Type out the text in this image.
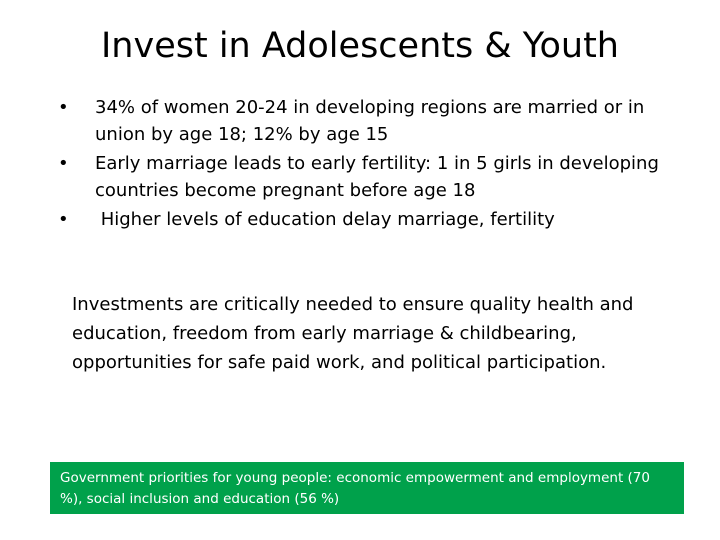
Invest in Adolescents & Youth
•	34% of women 20-24 in developing regions are married or in union by age 18; 12% by age 15
•	Early marriage leads to early fertility: 1 in 5 girls in developing countries become pregnant before age 18
•	Higher levels of education delay marriage, fertility

Investments are critically needed to ensure quality health and education, freedom from early marriage & childbearing, opportunities for safe paid work, and political participation.

Government priorities for young people: economic empowerment and employment (70 %), social inclusion and education (56 %)
